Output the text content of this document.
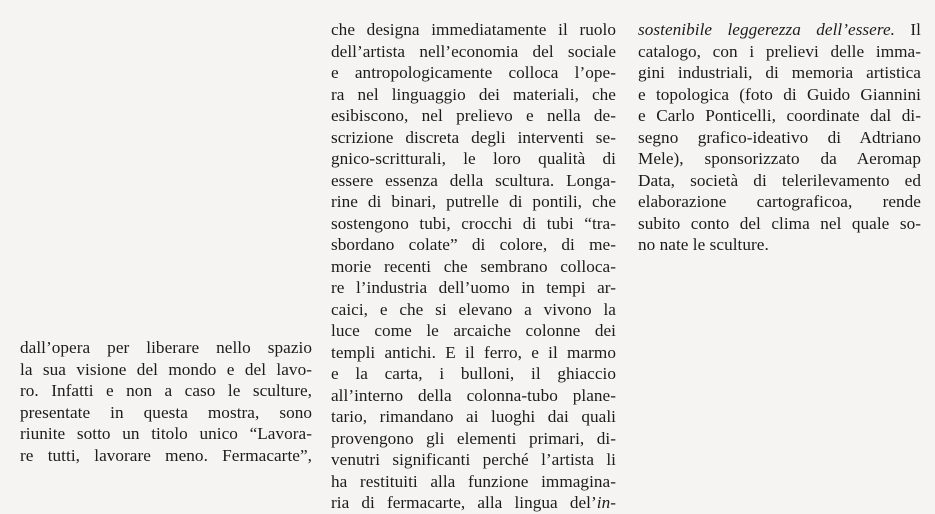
dall’opera per liberare nello spazio
la sua visione del mondo e del lavo-
ro. Infatti e non a caso le sculture,
presentate in questa mostra, sono
riunite sotto un titolo unico “Lavora-
re tutti, lavorare meno. Fermacarte”,
che designa immediatamente il ruolo
dell’artista nell’economia del sociale
e antropologicamente colloca l’ope-
ra nel linguaggio dei materiali, che
esibiscono, nel prelievo e nella de-
scrizione discreta degli interventi se-
gnico-scritturali, le loro qualità di
essere essenza della scultura. Longa-
rine di binari, putrelle di pontili, che
sostengono tubi, crocchi di tubi “tra-
sbordano colate” di colore, di me-
morie recenti che sembrano colloca-
re l’industria dell’uomo in tempi ar-
caici, e che si elevano a vivono la
luce come le arcaiche colonne dei
templi antichi. E il ferro, e il marmo
e la carta, i bulloni, il ghiaccio
all’interno della colonna-tubo plane-
tario, rimandano ai luoghi dai quali
provengono gli elementi primari, di-
venutri significanti perché l’artista li
ha restituiti alla funzione immagina-
ria di fermacarte, alla lingua del’in-
sostenibile leggerezza dell’essere. Il
catalogo, con i prelievi delle imma-
gini industriali, di memoria artistica
e topologica (foto di Guido Giannini
e Carlo Ponticelli, coordinate dal di-
segno grafico-ideativo di Adtriano
Mele), sponsorizzato da Aeromap
Data, società di telerilevamento ed
elaborazione cartograficoa, rende
subito conto del clima nel quale so-
no nate le sculture.
